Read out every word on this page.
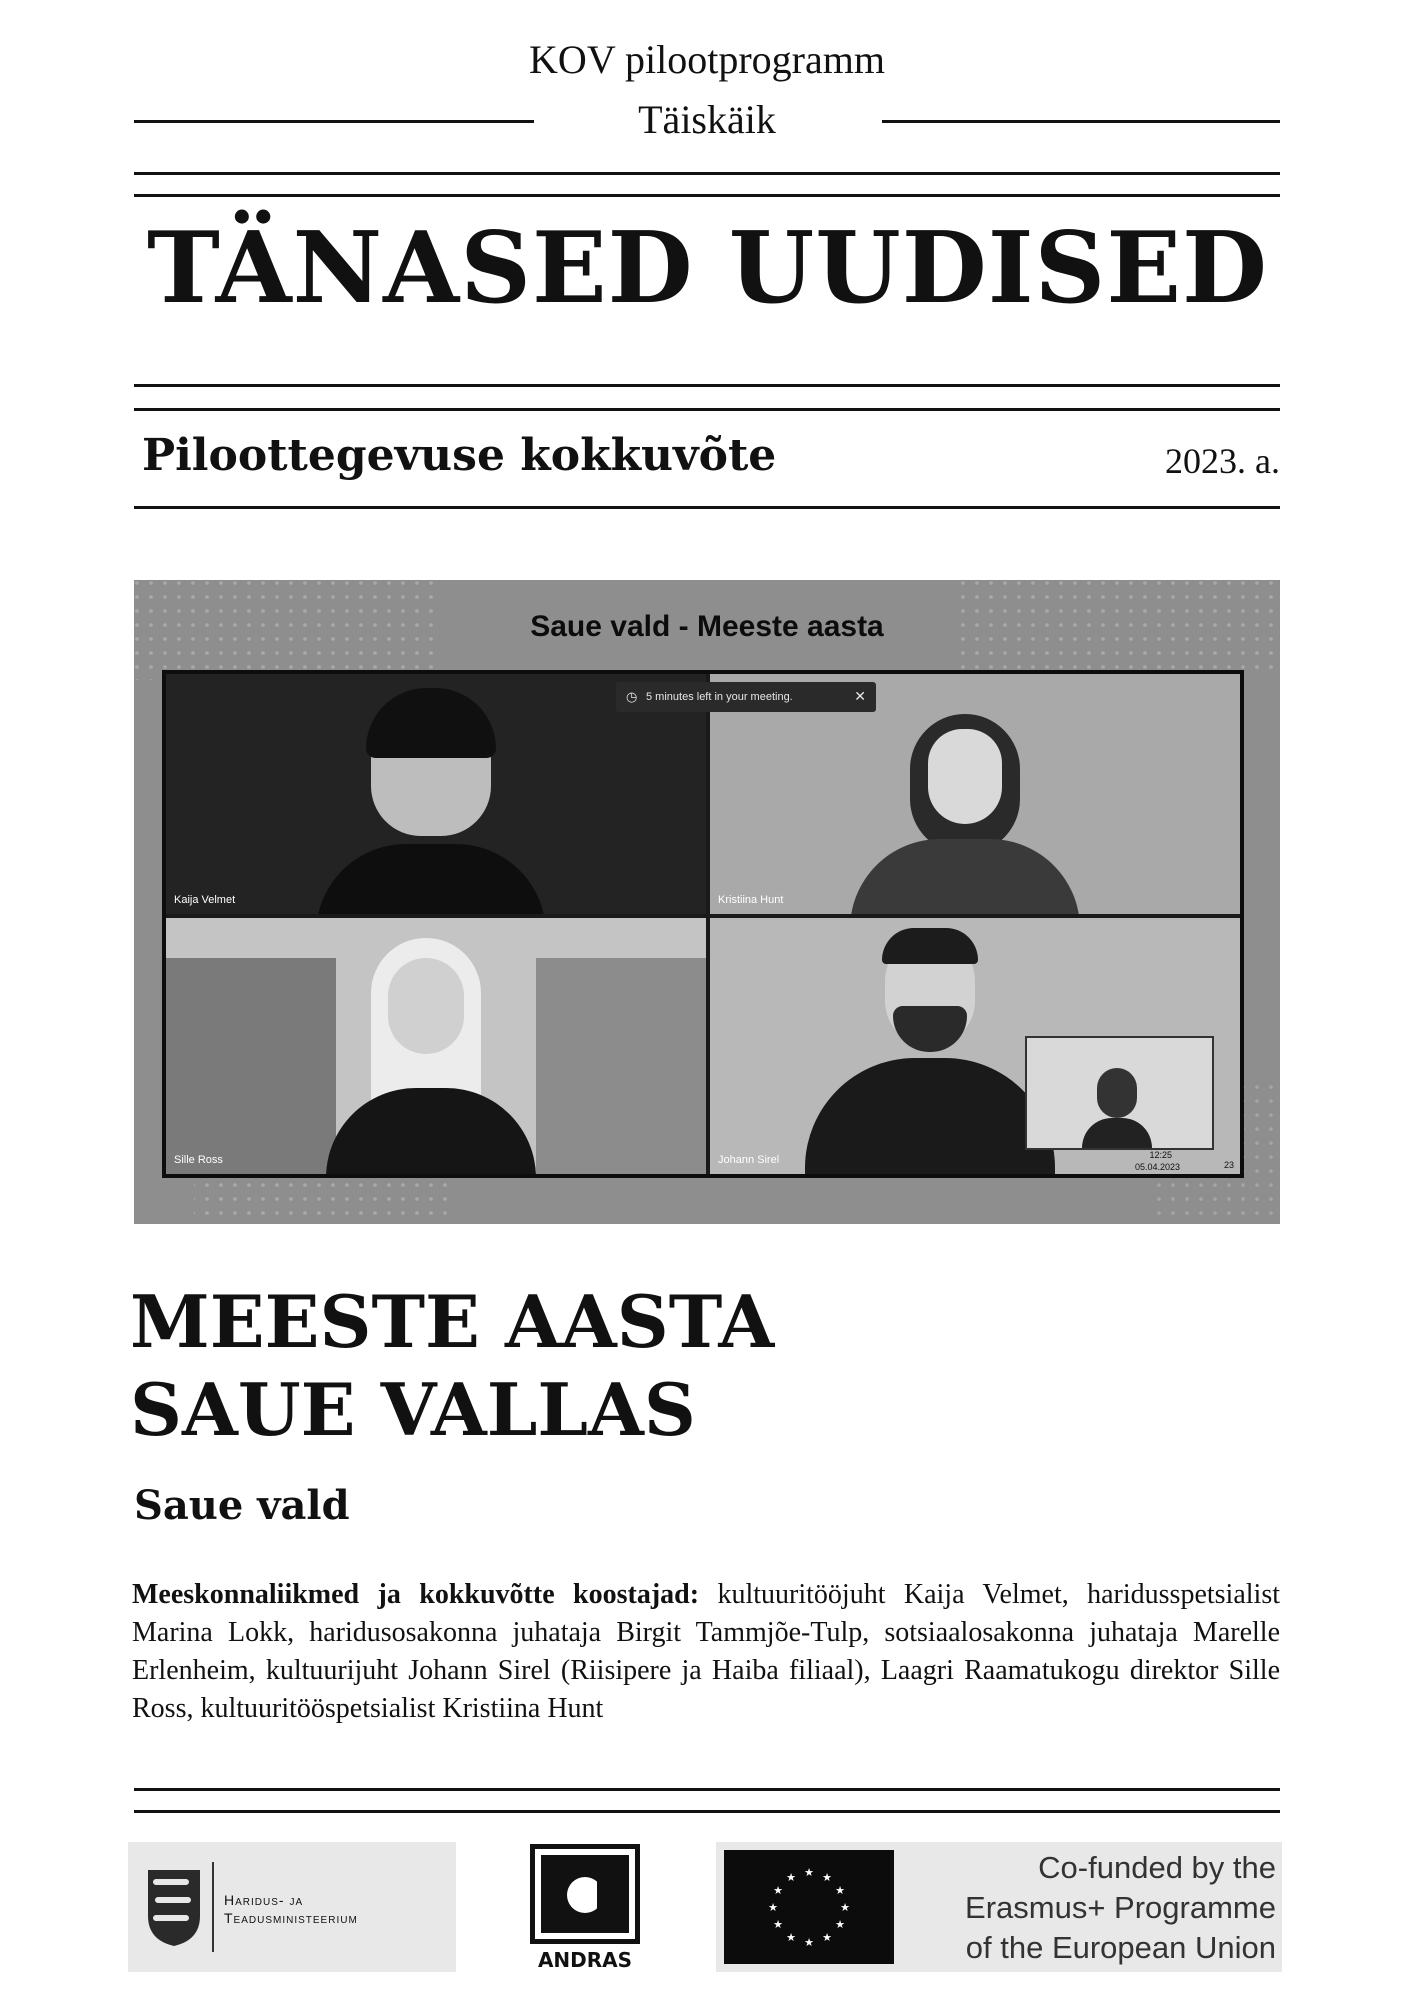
KOV pilootprogramm
Täiskäik
TÄNASED UUDISED
Piloottegevuse kokkuvõte	2023. a.
Saue vald - Meeste aasta
Kaija Velmet	Kristiina Hunt
Sille Ross	Johann Sirel	12:25
05.04.2023	23
◷ 5 minutes left in your meeting.	✕
MEESTE AASTA
SAUE VALLAS
Saue vald
Meeskonnaliikmed ja kokkuvõtte koostajad: kultuuritööjuht Kaija Velmet, haridusspetsialist Marina Lokk, haridusosakonna juhataja Birgit Tammjõe-Tulp, sotsiaalosakonna juhataja Marelle Erlenheim, kultuurijuht Johann Sirel (Riisipere ja Haiba filiaal), Laagri Raamatukogu direktor Sille Ross, kultuuritööspetsialist Kristiina Hunt
Haridus- ja
Teadusministeerium
ANDRAS
★ ★
★
★
★
★
★
★
★
★
★
★	Co-funded by the
Erasmus+ Programme
of the European Union
